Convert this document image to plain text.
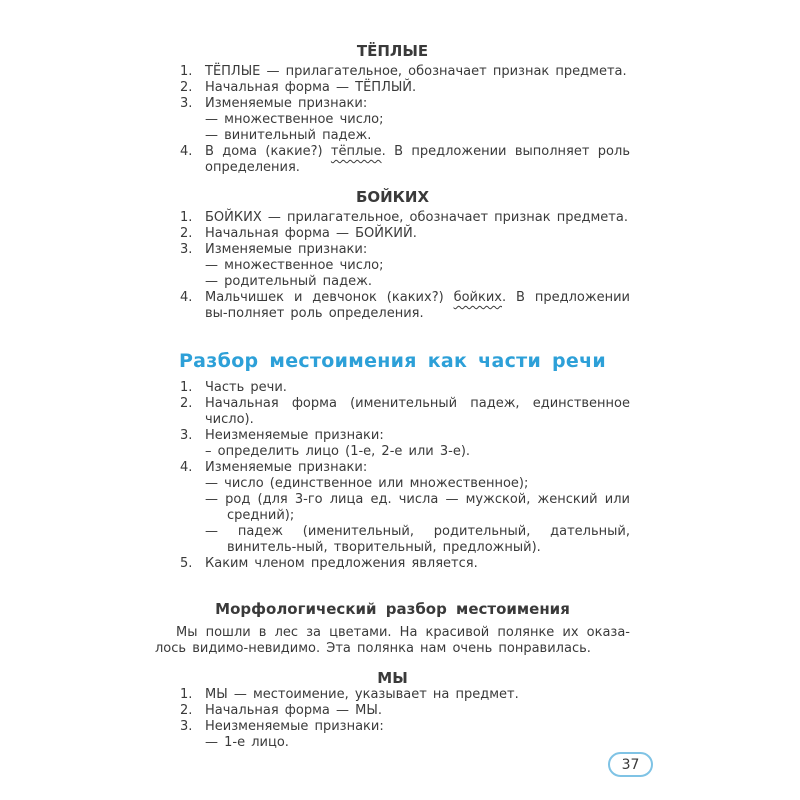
ТЁПЛЫЕ
1. ТЁПЛЫЕ — прилагательное, обозначает признак предмета.
2. Начальная форма — ТЁПЛЫЙ.
3. Изменяемые признаки:
— множественное число;
— винительный падеж.
4. В дома (какие?) тёплые. В предложении выполняет роль определения.
БОЙКИХ
1. БОЙКИХ — прилагательное, обозначает признак предмета.
2. Начальная форма — БОЙКИЙ.
3. Изменяемые признаки:
— множественное число;
— родительный падеж.
4. Мальчишек и девчонок (каких?) бойких. В предложении вы-полняет роль определения.
Разбор местоимения как части речи
1. Часть речи.
2. Начальная форма (именительный падеж, единственное число).
3. Неизменяемые признаки:
– определить лицо (1-е, 2-е или 3-е).
4. Изменяемые признаки:
— число (единственное или множественное);
— род (для 3-го лица ед. числа — мужской, женский или средний);
— падеж (именительный, родительный, дательный, винитель-ный, творительный, предложный).
5. Каким членом предложения является.
Морфологический разбор местоимения

Мы пошли в лес за цветами. На красивой полянке их оказа-лось видимо-невидимо. Эта полянка нам очень понравилась.

МЫ
1. МЫ — местоимение, указывает на предмет.
2. Начальная форма — МЫ.
3. Неизменяемые признаки:
— 1-е лицо.
37
